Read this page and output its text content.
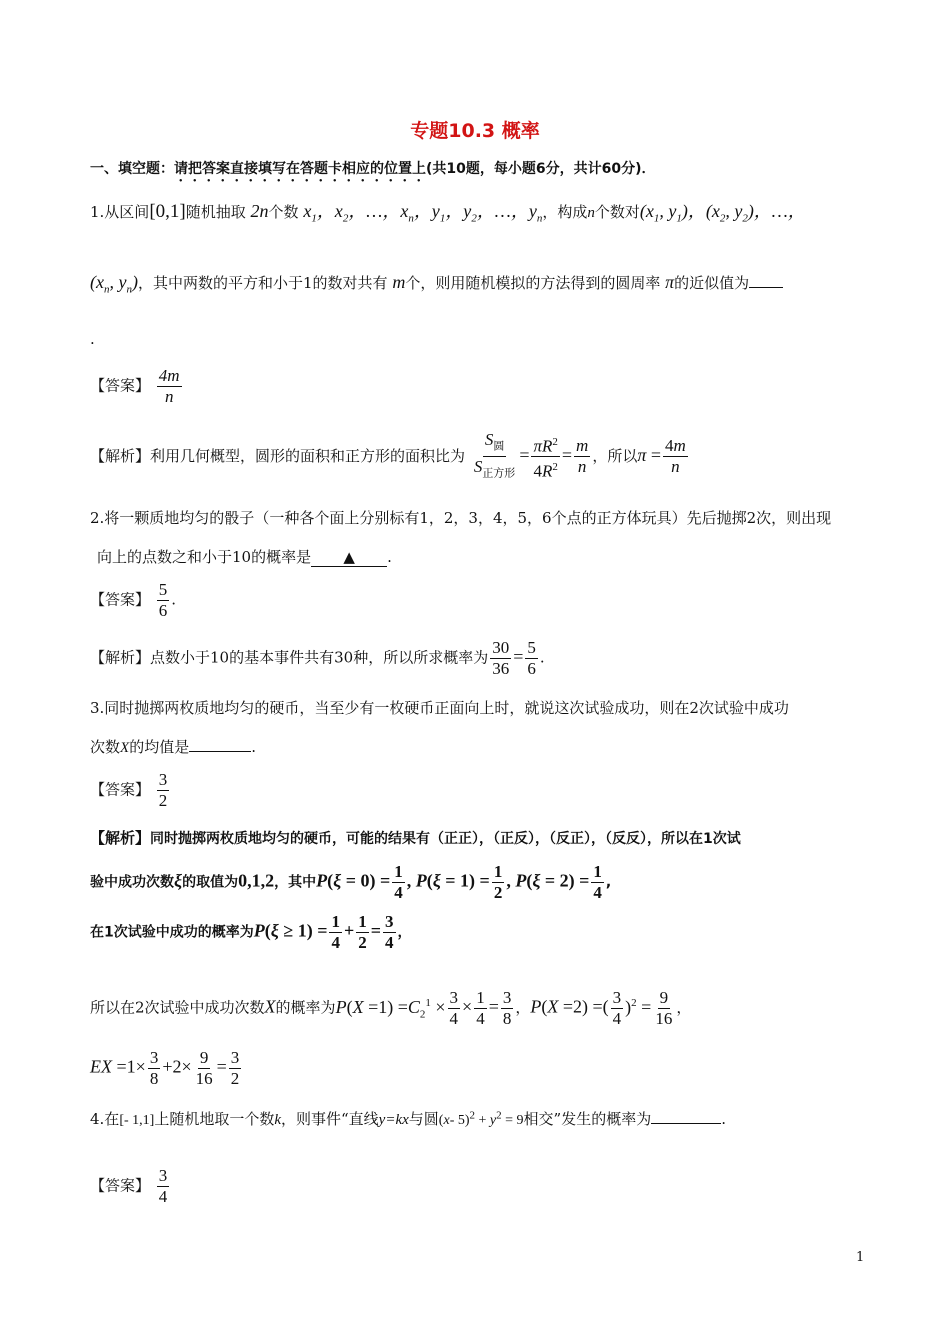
专题10.3 概率
一、填空题：请把答案直接填写在答题卡相应的位置上(共10题，每小题6分，共计60分)．
1.从区间[0,1]随机抽取 2n个数 $x_1$，$x_2$，…，$x_n$，$y_1$，$y_2$，…，$y_n$，构成n个数对($x_1$, $y_1$)，($x_2$, $y_2$)，…，
($x_n$, $y_n$)，其中两数的平方和小于1的数对共有 m个，则用随机模拟的方法得到的圆周率 π的近似值为
.
【答案】 $\frac{4m}{n}$
【解析】利用几何概型，圆形的面积和正方形的面积比为 $\frac{S_圆}{S_{正方形}} = \frac{\pi R^2}{4R^2} = \frac{m}{n}$ ，所以$\pi = \frac{4m}{n}$
2.将一颗质地均匀的骰子（一种各个面上分别标有1，2，3，4，5，6个点的正方体玩具）先后抛掷2次，则出现
向上的点数之和小于10的概率是 ▲ .
【答案】 $\frac{5}{6}$ .
【解析】点数小于10的基本事件共有30种，所以所求概率为 $\frac{30}{36} = \frac{5}{6}$ .
3.同时抛掷两枚质地均匀的硬币，当至少有一枚硬币正面向上时，就说这次试验成功，则在2次试验中成功
次数X的均值是	.
【答案】 $\frac{3}{2}$
【解析】同时抛掷两枚质地均匀的硬币，可能的结果有（正正），（正反），（反正），（反反），所以在1次试
验中成功次数ξ的取值为0,1,2，其中$P(\xi = 0) = \frac{1}{4}$ , $P(\xi = 1) = \frac{1}{2}$ , $P(\xi = 2) = \frac{1}{4}$ ,
在1次试验中成功的概率为$P(\xi \ge 1) = \frac{1}{4} + \frac{1}{2} = \frac{3}{4}$ ，
所以在2次试验中成功次数X的概率为$P(X =1) =C_2^1 \times \frac{3}{4} \times \frac{1}{4} = \frac{3}{8}$ ，P(X =2) =( $\frac{3}{4} )^2 = \frac{9}{16}$ ，
EX $=1\times \frac{3}{8} +2\times \frac{9}{16} = \frac{3}{2}$
4.在[- 1,1]上随机地取一个数k，则事件“直线y=kx与圆(x- $5)^2 + y^2 = 9$相交”发生的概率为	.
【答案】 $\frac{3}{4}$
1
